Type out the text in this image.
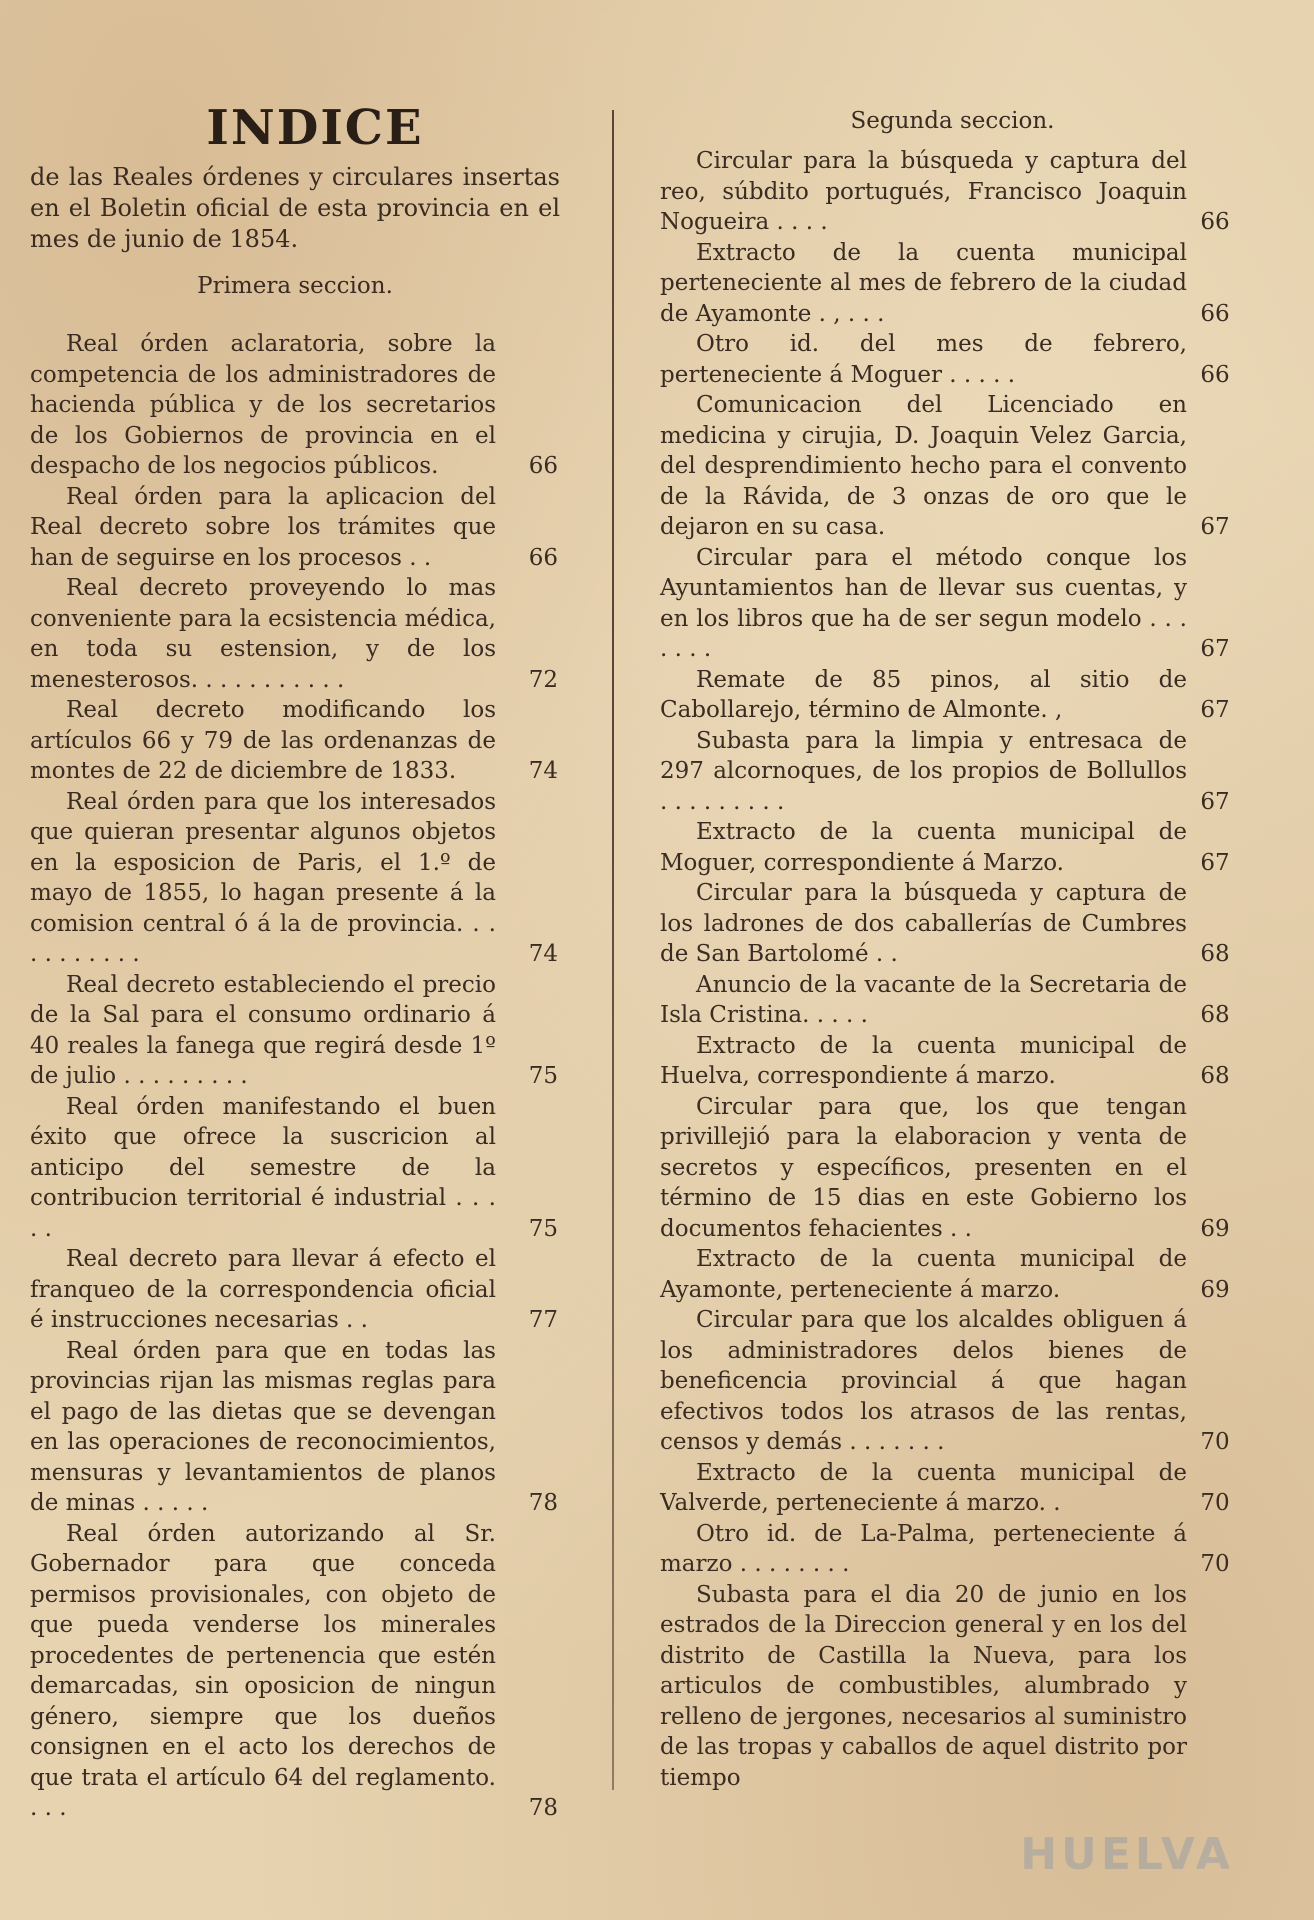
INDICE

de las Reales órdenes y circulares insertas en el Boletin oficial de esta provincia en el mes de junio de 1854.

Primera seccion.
Real órden aclaratoria, sobre la competencia de los administradores de hacienda pública y de los secretarios de los Gobiernos de provincia en el despacho de los negocios públicos.	66
Real órden para la aplicacion del Real decreto sobre los trámites que han de seguirse en los procesos . .	66
Real decreto proveyendo lo mas conveniente para la ecsistencia médica, en toda su estension, y de los menesterosos. . . . . . . . . . .	72
Real decreto modificando los artículos 66 y 79 de las ordenanzas de montes de 22 de diciembre de 1833.	74
Real órden para que los interesados que quieran presentar algunos objetos en la esposicion de Paris, el 1.º de mayo de 1855, lo hagan presente á la comision central ó á la de provincia. . . . . . . . . . .	74
Real decreto estableciendo el precio de la Sal para el consumo ordinario á 40 reales la fanega que regirá desde 1º de julio . . . . . . . . .	75
Real órden manifestando el buen éxito que ofrece la suscricion al anticipo del semestre de la contribucion territorial é industrial . . . . .	75
Real decreto para llevar á efecto el franqueo de la correspondencia oficial é instrucciones necesarias . .	77
Real órden para que en todas las provincias rijan las mismas reglas para el pago de las dietas que se devengan en las operaciones de reconocimientos, mensuras y levantamientos de planos de minas . . . . .	78
Real órden autorizando al Sr. Gobernador para que conceda permisos provisionales, con objeto de que pueda venderse los minerales procedentes de pertenencia que estén demarcadas, sin oposicion de ningun género, siempre que los dueños consignen en el acto los derechos de que trata el artículo 64 del reglamento. . . .	78
Segunda seccion.
Circular para la búsqueda y captura del reo, súbdito portugués, Francisco Joaquin Nogueira . . . .	66
Extracto de la cuenta municipal perteneciente al mes de febrero de la ciudad de Ayamonte . , . . .	66
Otro id. del mes de febrero, perteneciente á Moguer . . . . .	66
Comunicacion del Licenciado en medicina y cirujia, D. Joaquin Velez Garcia, del desprendimiento hecho para el convento de la Rávida, de 3 onzas de oro que le dejaron en su casa.	67
Circular para el método conque los Ayuntamientos han de llevar sus cuentas, y en los libros que ha de ser segun modelo . . . . . . .	67
Remate de 85 pinos, al sitio de Cabollarejo, término de Almonte. ,	67
Subasta para la limpia y entresaca de 297 alcornoques, de los propios de Bollullos . . . . . . . . .	67
Extracto de la cuenta municipal de Moguer, correspondiente á Marzo.	67
Circular para la búsqueda y captura de los ladrones de dos caballerías de Cumbres de San Bartolomé . .	68
Anuncio de la vacante de la Secretaria de Isla Cristina. . . . .	68
Extracto de la cuenta municipal de Huelva, correspondiente á marzo.	68
Circular para que, los que tengan privillejió para la elaboracion y venta de secretos y específicos, presenten en el término de 15 dias en este Gobierno los documentos fehacientes . .	69
Extracto de la cuenta municipal de Ayamonte, perteneciente á marzo.	69
Circular para que los alcaldes obliguen á los administradores delos bienes de beneficencia provincial á que hagan efectivos todos los atrasos de las rentas, censos y demás . . . . . . .	70
Extracto de la cuenta municipal de Valverde, perteneciente á marzo. .	70
Otro id. de La-Palma, perteneciente á marzo . . . . . . . .	70
Subasta para el dia 20 de junio en los estrados de la Direccion general y en los del distrito de Castilla la Nueva, para los articulos de combustibles, alumbrado y relleno de jergones, necesarios al suministro de las tropas y caballos de aquel distrito por tiempo
HUELVA
